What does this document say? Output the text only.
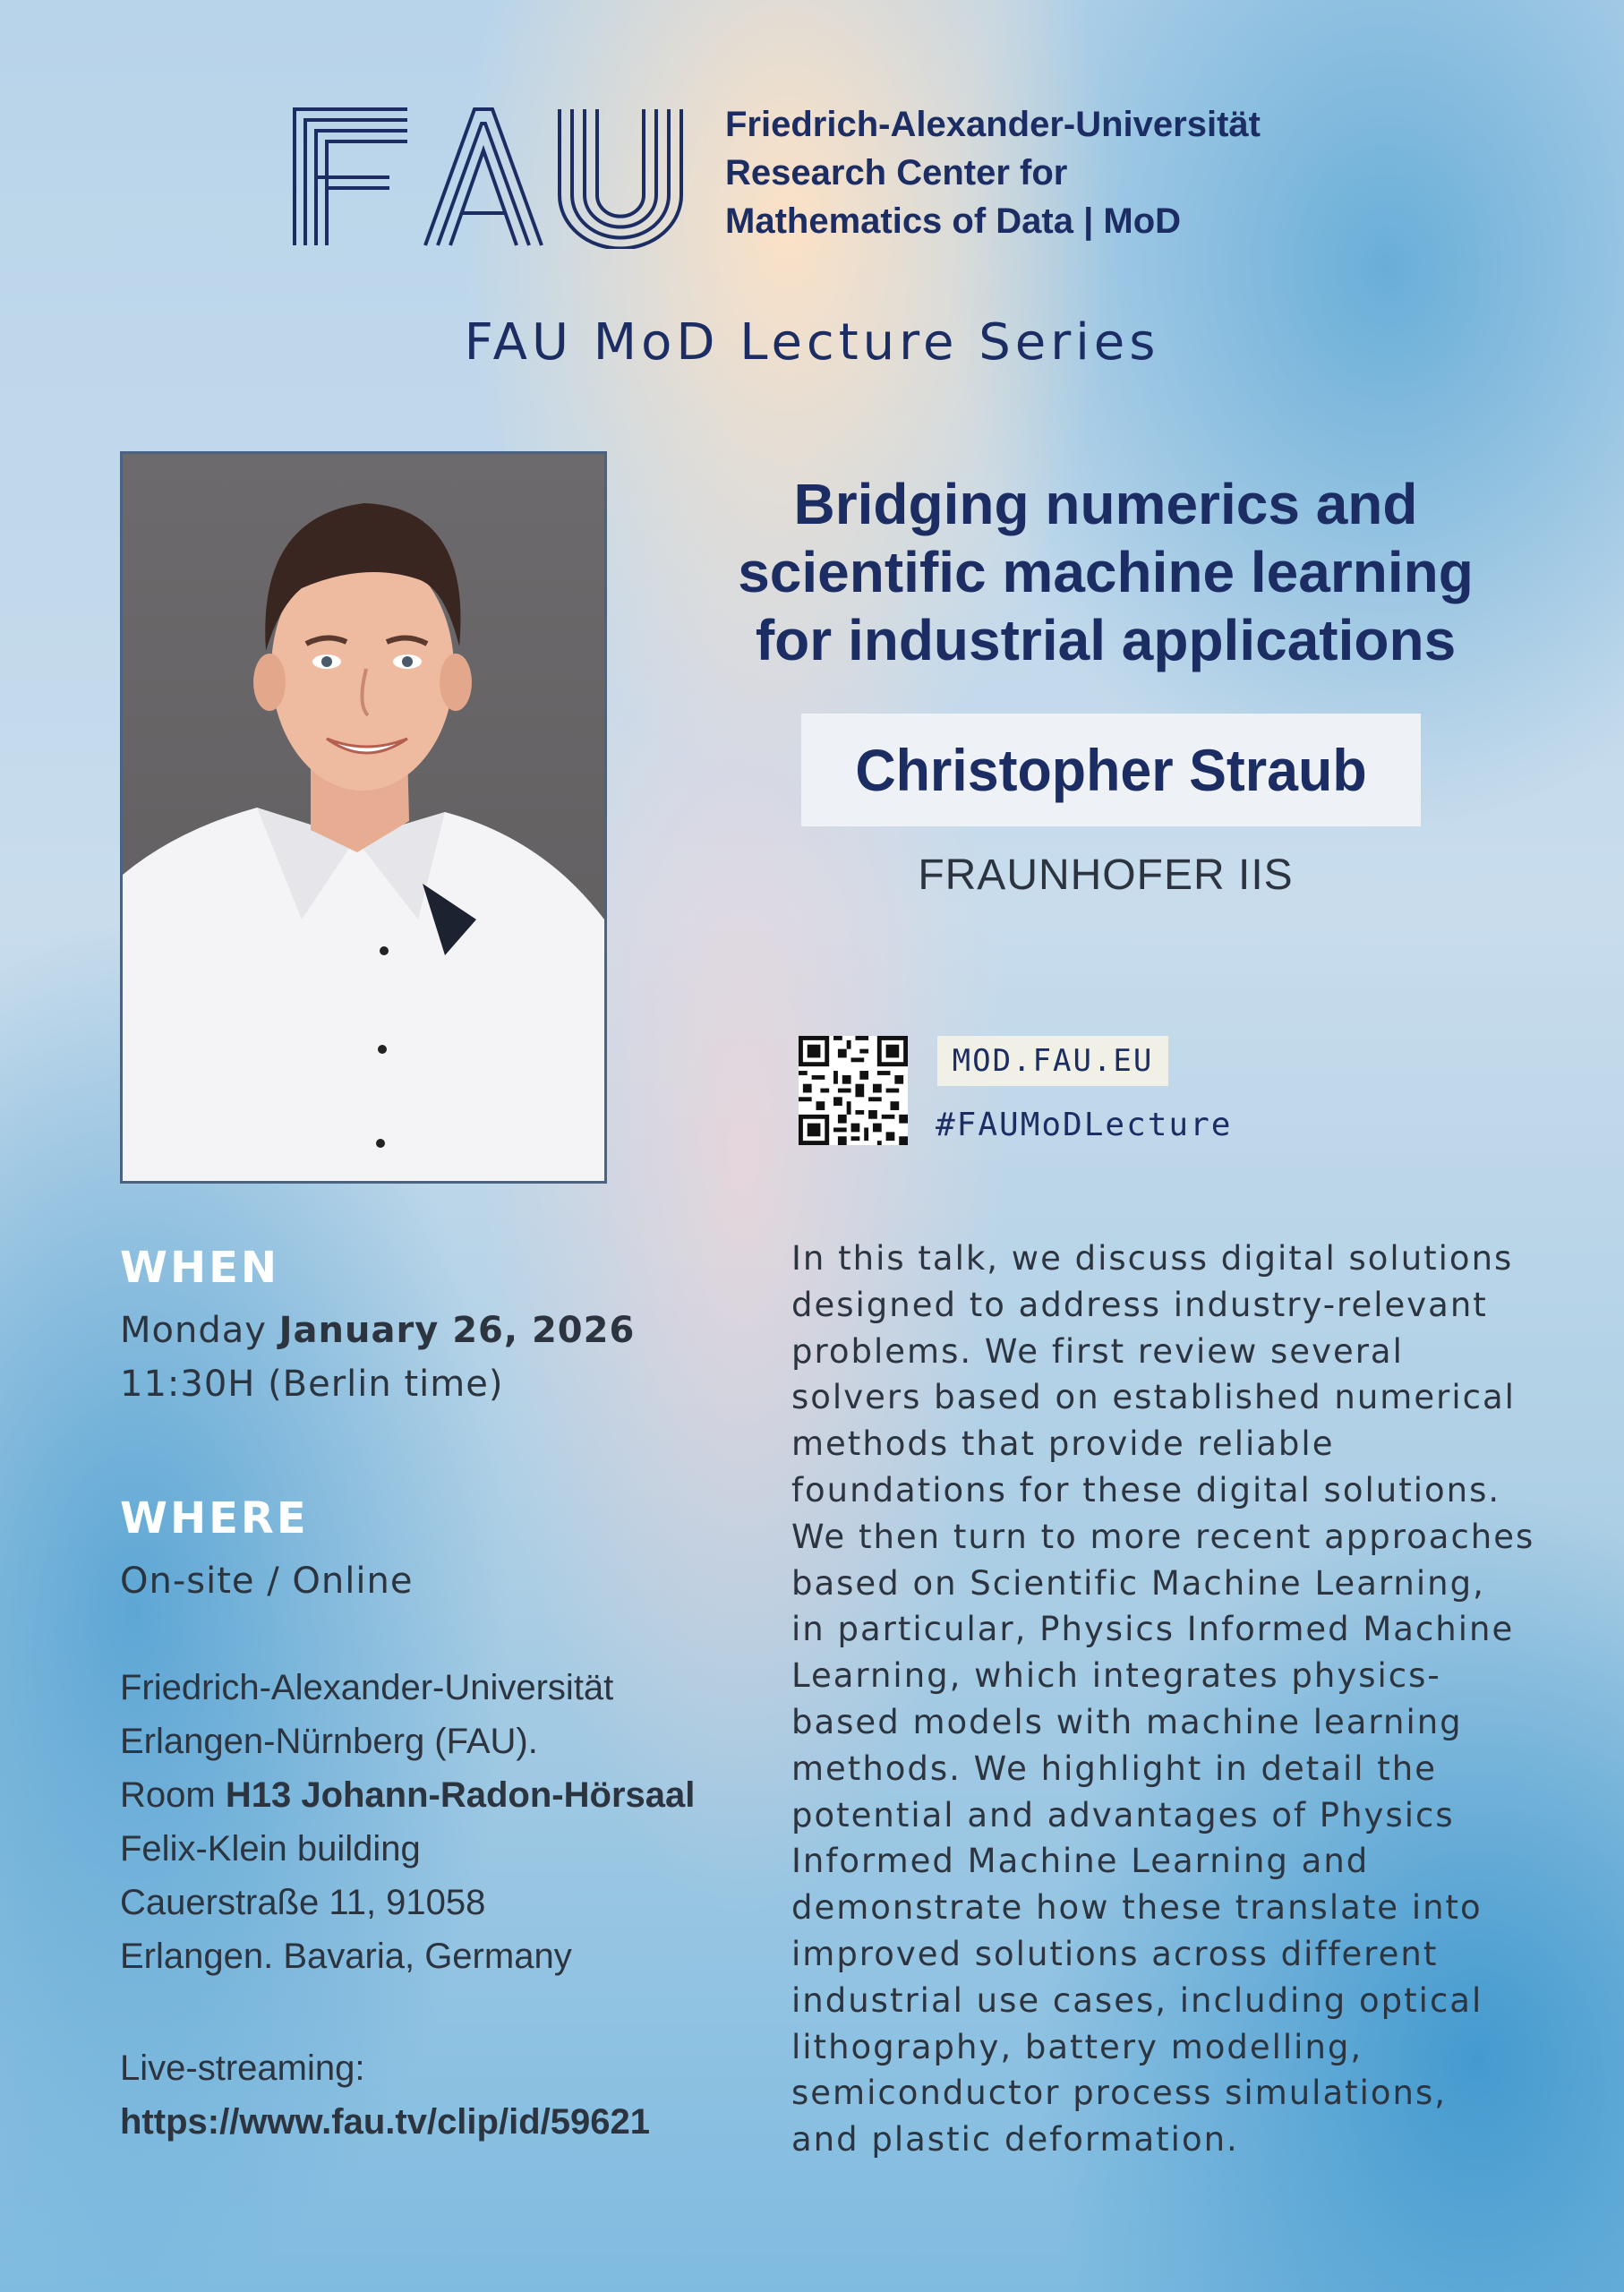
Friedrich-Alexander-Universität
Research Center for
Mathematics of Data | MoD
FAU MoD Lecture Series
Bridging numerics and
scientific machine learning
for industrial applications
Christopher Straub
FRAUNHOFER IIS
MOD.FAU.EU
#FAUMoDLecture
WHEN
Monday January 26, 2026
11:30H (Berlin time)
WHERE
On-site / Online
Friedrich-Alexander-Universität
Erlangen-Nürnberg (FAU).
Room H13 Johann-Radon-Hörsaal
Felix-Klein building
Cauerstraße 11, 91058
Erlangen. Bavaria, Germany
Live-streaming:
https://www.fau.tv/clip/id/59621
In this talk, we discuss digital solutions
designed to address industry-relevant
problems. We first review several
solvers based on established numerical
methods that provide reliable
foundations for these digital solutions.
We then turn to more recent approaches
based on Scientific Machine Learning,
in particular, Physics Informed Machine
Learning, which integrates physics-
based models with machine learning
methods. We highlight in detail the
potential and advantages of Physics
Informed Machine Learning and
demonstrate how these translate into
improved solutions across different
industrial use cases, including optical
lithography, battery modelling,
semiconductor process simulations,
and plastic deformation.
